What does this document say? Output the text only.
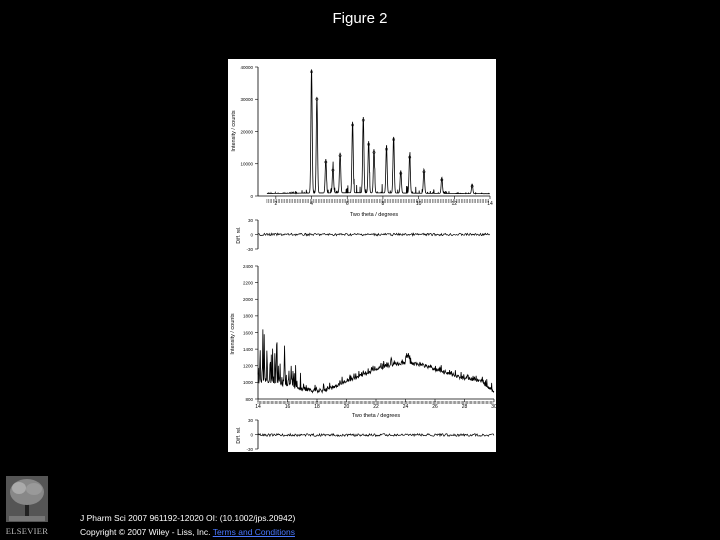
Figure 2
0
10000
20000
30000
40000
2	4	6	8	10	12	14
Intensity / counts
Two theta / degrees
30
0
-30
Diff. rel.
800
1000
1200
1400
1600
1800
2000
2200
2400
14	16	18	20	22	24	26	28	30
Intensity / counts
Two theta / degrees
30
0
-30
Diff. rel.
ELSEVIER
J Pharm Sci 2007 961192-12020 OI: (10.1002/jps.20942)
Copyright © 2007 Wiley - Liss, Inc. Terms and Conditions
